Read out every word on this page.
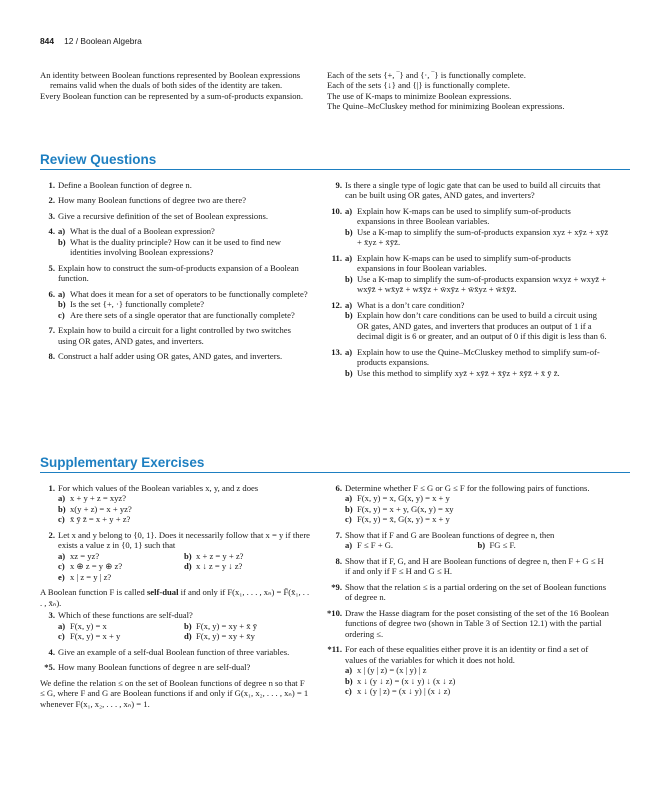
844 12 / Boolean Algebra
An identity between Boolean functions represented by Boolean expressions remains valid when the duals of both sides of the identity are taken.
Every Boolean function can be represented by a sum-of-products expansion.
Each of the sets {+, ‾} and {·, ‾} is functionally complete.
Each of the sets {↓} and {|} is functionally complete.
The use of K-maps to minimize Boolean expressions.
The Quine–McCluskey method for minimizing Boolean expressions.
Review Questions
1. Define a Boolean function of degree n.
2. How many Boolean functions of degree two are there?
3. Give a recursive definition of the set of Boolean expressions.
4. a) What is the dual of a Boolean expression?
b) What is the duality principle? How can it be used to find new identities involving Boolean expressions?
5. Explain how to construct the sum-of-products expansion of a Boolean function.
6. a) What does it mean for a set of operators to be functionally complete?
b) Is the set {+, ·} functionally complete?
c) Are there sets of a single operator that are functionally complete?
7. Explain how to build a circuit for a light controlled by two switches using OR gates, AND gates, and inverters.
8. Construct a half adder using OR gates, AND gates, and inverters.
9. Is there a single type of logic gate that can be used to build all circuits that can be built using OR gates, AND gates, and inverters?
10. a) Explain how K-maps can be used to simplify sum-of-products expansions in three Boolean variables.
b) Use a K-map to simplify the sum-of-products expansion xyz + xȳz + xȳz̄ + x̄yz + x̄ȳz̄.
11. a) Explain how K-maps can be used to simplify sum-of-products expansions in four Boolean variables.
b) Use a K-map to simplify the sum-of-products expansion wxyz + wxyz̄ + wxȳz̄ + wx̄yz̄ + wx̄ȳz + w̄xȳz + w̄x̄yz + w̄x̄ȳz̄.
12. a) What is a don’t care condition?
b) Explain how don’t care conditions can be used to build a circuit using OR gates, AND gates, and inverters that produces an output of 1 if a decimal digit is 6 or greater, and an output of 0 if this digit is less than 6.
13. a) Explain how to use the Quine–McCluskey method to simplify sum-of-products expansions.
b) Use this method to simplify xyz̄ + xȳz̄ + x̄ȳz + x̄ȳz̄ + x̄ ȳ z̄.
Supplementary Exercises
1. For which values of the Boolean variables x, y, and z does
a) x + y + z = xyz?
b) x(y + z) = x + yz?
c) x̄ ȳ z̄ = x + y + z?
2. Let x and y belong to {0, 1}. Does it necessarily follow that x = y if there exists a value z in {0, 1} such that
a) xz = yz?	b) x + z = y + z?
c) x ⊕ z = y ⊕ z?	d) x ↓ z = y ↓ z?
e) x | z = y | z?
A Boolean function F is called self-dual if and only if F(x₁, . . . , xₙ) = F̄(x̄₁, . . . , x̄ₙ).
3. Which of these functions are self-dual?
a) F(x, y) = x	b) F(x, y) = xy + x̄ ȳ
c) F(x, y) = x + y	d) F(x, y) = xy + x̄y
4. Give an example of a self-dual Boolean function of three variables.
*5. How many Boolean functions of degree n are self-dual?
We define the relation ≤ on the set of Boolean functions of degree n so that F ≤ G, where F and G are Boolean functions if and only if G(x₁, x₂, . . . , xₙ) = 1 whenever F(x₁, x₂, . . . , xₙ) = 1.
6. Determine whether F ≤ G or G ≤ F for the following pairs of functions.
a) F(x, y) = x, G(x, y) = x + y
b) F(x, y) = x + y, G(x, y) = xy
c) F(x, y) = x̄, G(x, y) = x + y
7. Show that if F and G are Boolean functions of degree n, then
a) F ≤ F + G.	b) FG ≤ F.
8. Show that if F, G, and H are Boolean functions of degree n, then F + G ≤ H if and only if F ≤ H and G ≤ H.
*9. Show that the relation ≤ is a partial ordering on the set of Boolean functions of degree n.
*10. Draw the Hasse diagram for the poset consisting of the set of the 16 Boolean functions of degree two (shown in Table 3 of Section 12.1) with the partial ordering ≤.
*11. For each of these equalities either prove it is an identity or find a set of values of the variables for which it does not hold.
a) x | (y | z) = (x | y) | z
b) x ↓ (y ↓ z) = (x ↓ y) ↓ (x ↓ z)
c) x ↓ (y | z) = (x ↓ y) | (x ↓ z)
